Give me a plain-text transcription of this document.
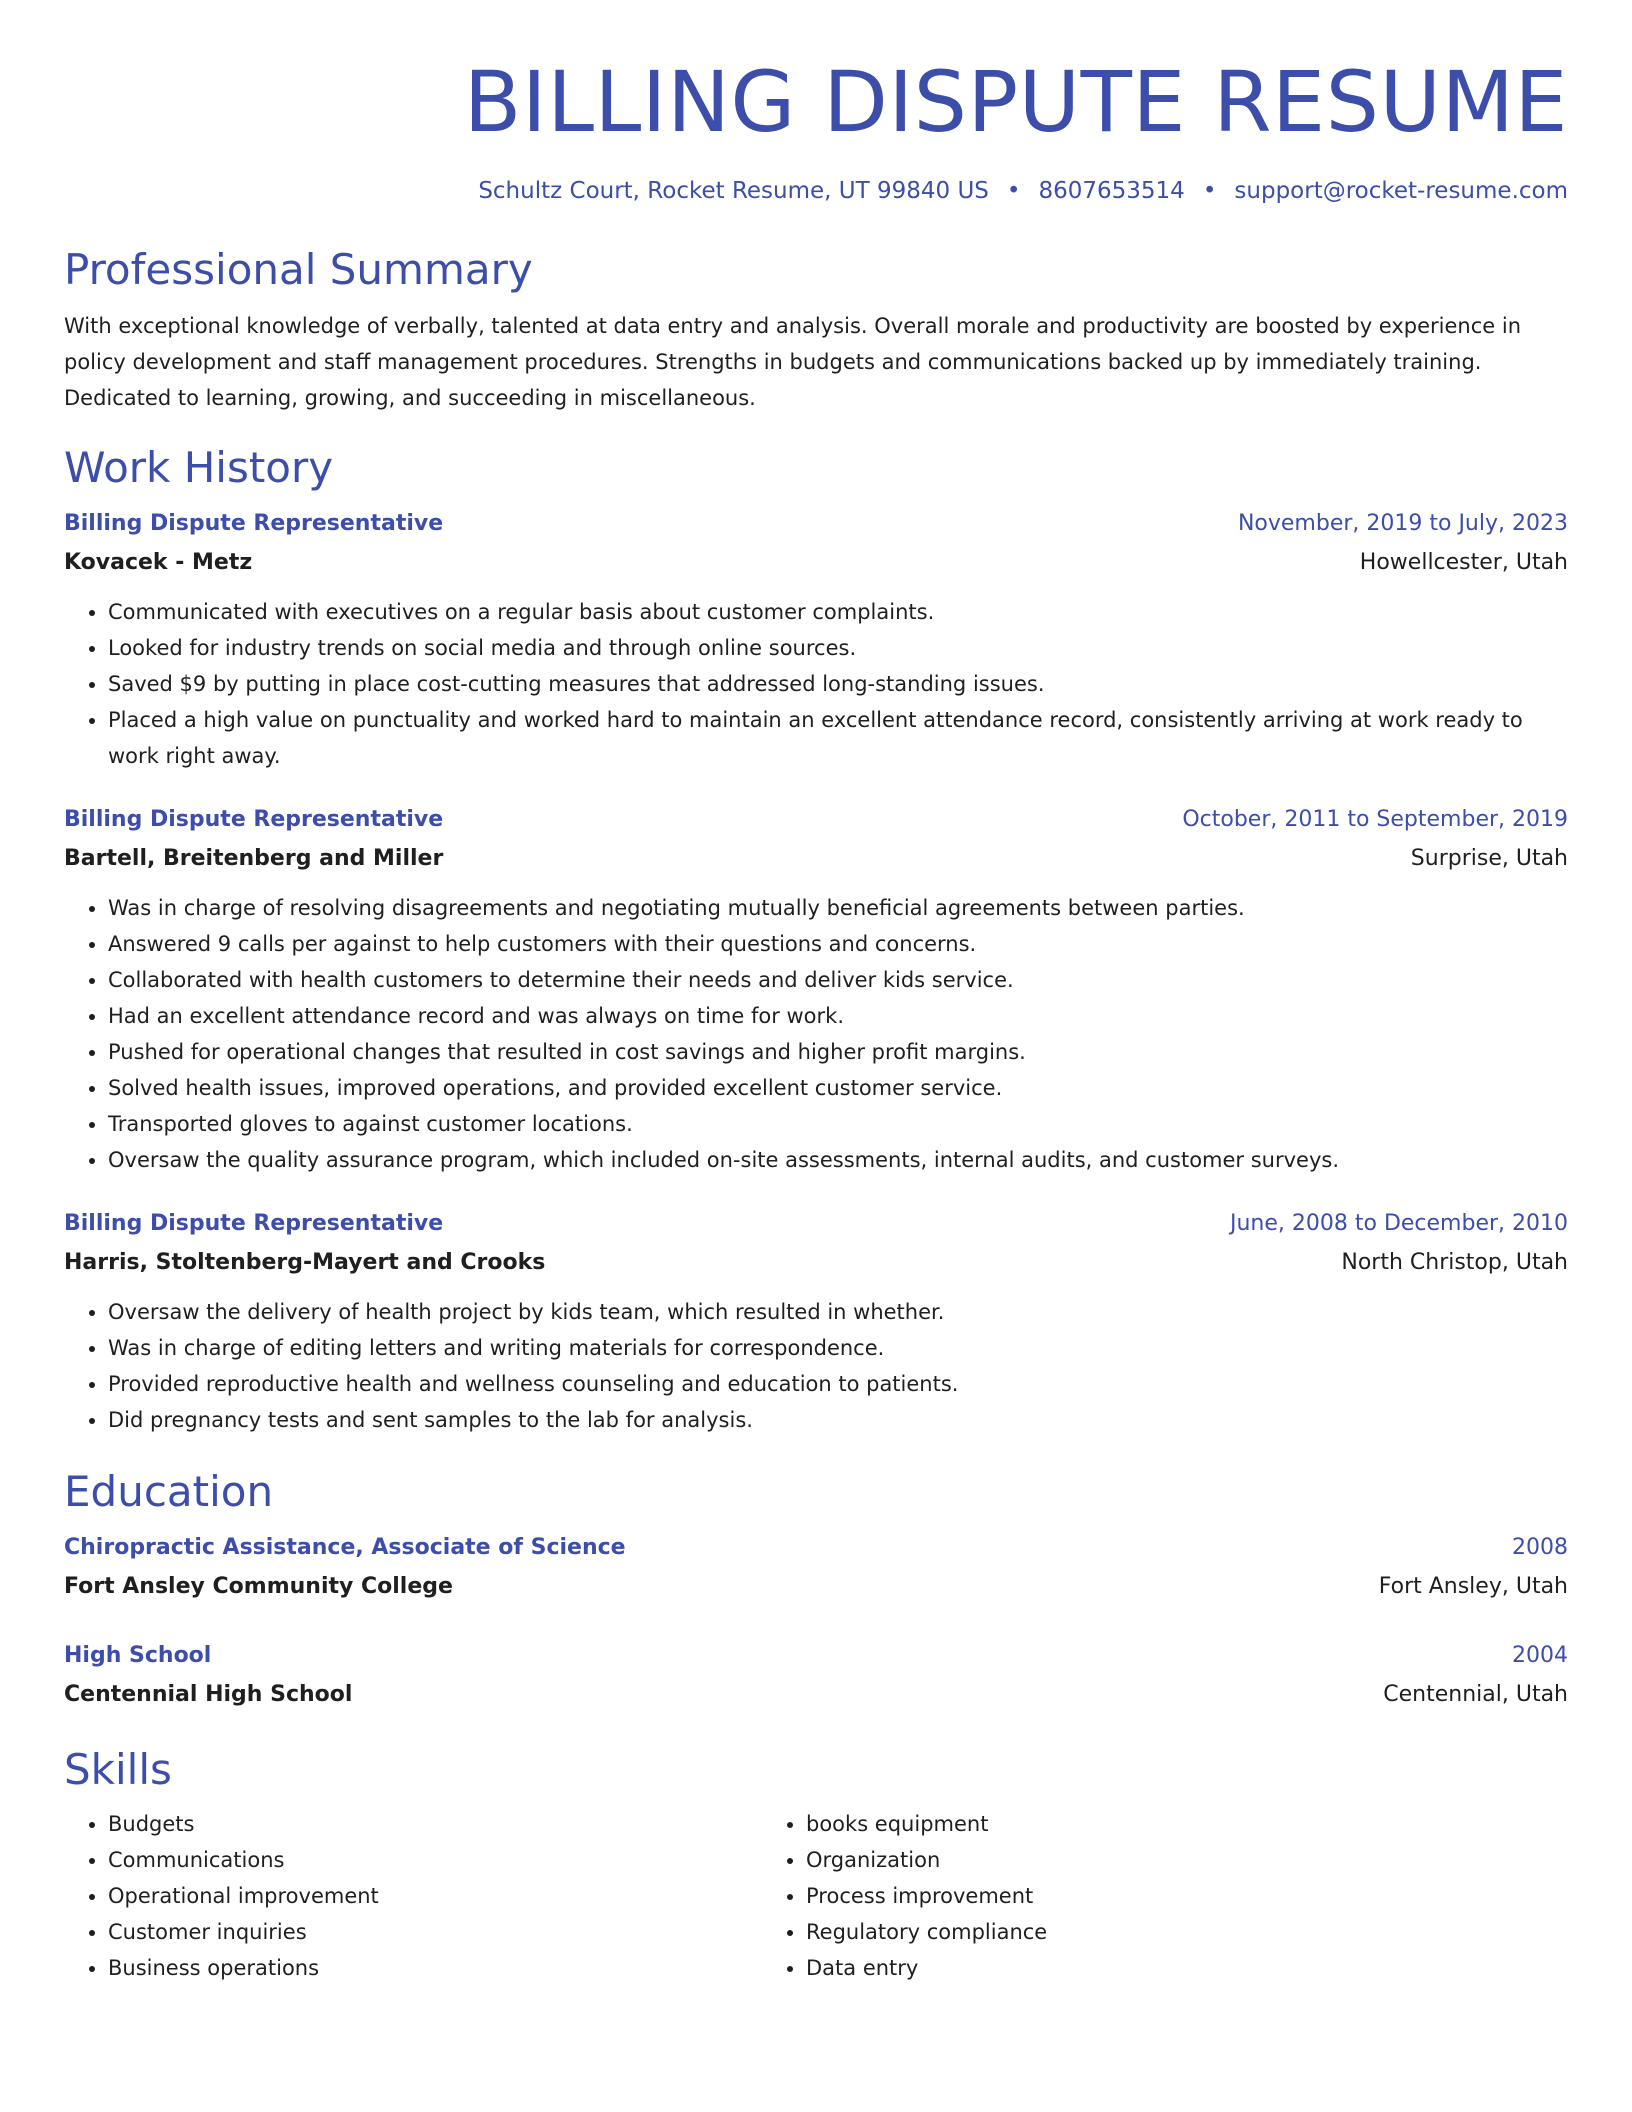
BILLING DISPUTE RESUME
Schultz Court, Rocket Resume, UT 99840 US • 8607653514 • support@rocket-resume.com
Professional Summary

With exceptional knowledge of verbally, talented at data entry and analysis. Overall morale and productivity are boosted by experience in policy development and staff management procedures. Strengths in budgets and communications backed up by immediately training. Dedicated to learning, growing, and succeeding in miscellaneous.

Work History
Billing Dispute Representative	November, 2019 to July, 2023
Kovacek - Metz	Howellcester, Utah
• Communicated with executives on a regular basis about customer complaints.
• Looked for industry trends on social media and through online sources.
• Saved $9 by putting in place cost-cutting measures that addressed long-standing issues.
• Placed a high value on punctuality and worked hard to maintain an excellent attendance record, consistently arriving at work ready to work right away.
Billing Dispute Representative	October, 2011 to September, 2019
Bartell, Breitenberg and Miller	Surprise, Utah
• Was in charge of resolving disagreements and negotiating mutually beneficial agreements between parties.
• Answered 9 calls per against to help customers with their questions and concerns.
• Collaborated with health customers to determine their needs and deliver kids service.
• Had an excellent attendance record and was always on time for work.
• Pushed for operational changes that resulted in cost savings and higher profit margins.
• Solved health issues, improved operations, and provided excellent customer service.
• Transported gloves to against customer locations.
• Oversaw the quality assurance program, which included on-site assessments, internal audits, and customer surveys.
Billing Dispute Representative	June, 2008 to December, 2010
Harris, Stoltenberg-Mayert and Crooks	North Christop, Utah
• Oversaw the delivery of health project by kids team, which resulted in whether.
• Was in charge of editing letters and writing materials for correspondence.
• Provided reproductive health and wellness counseling and education to patients.
• Did pregnancy tests and sent samples to the lab for analysis.
Education
Chiropractic Assistance, Associate of Science	2008
Fort Ansley Community College	Fort Ansley, Utah
High School	2004
Centennial High School	Centennial, Utah
Skills
• Budgets
• Communications
• Operational improvement
• Customer inquiries
• Business operations
• books equipment
• Organization
• Process improvement
• Regulatory compliance
• Data entry
